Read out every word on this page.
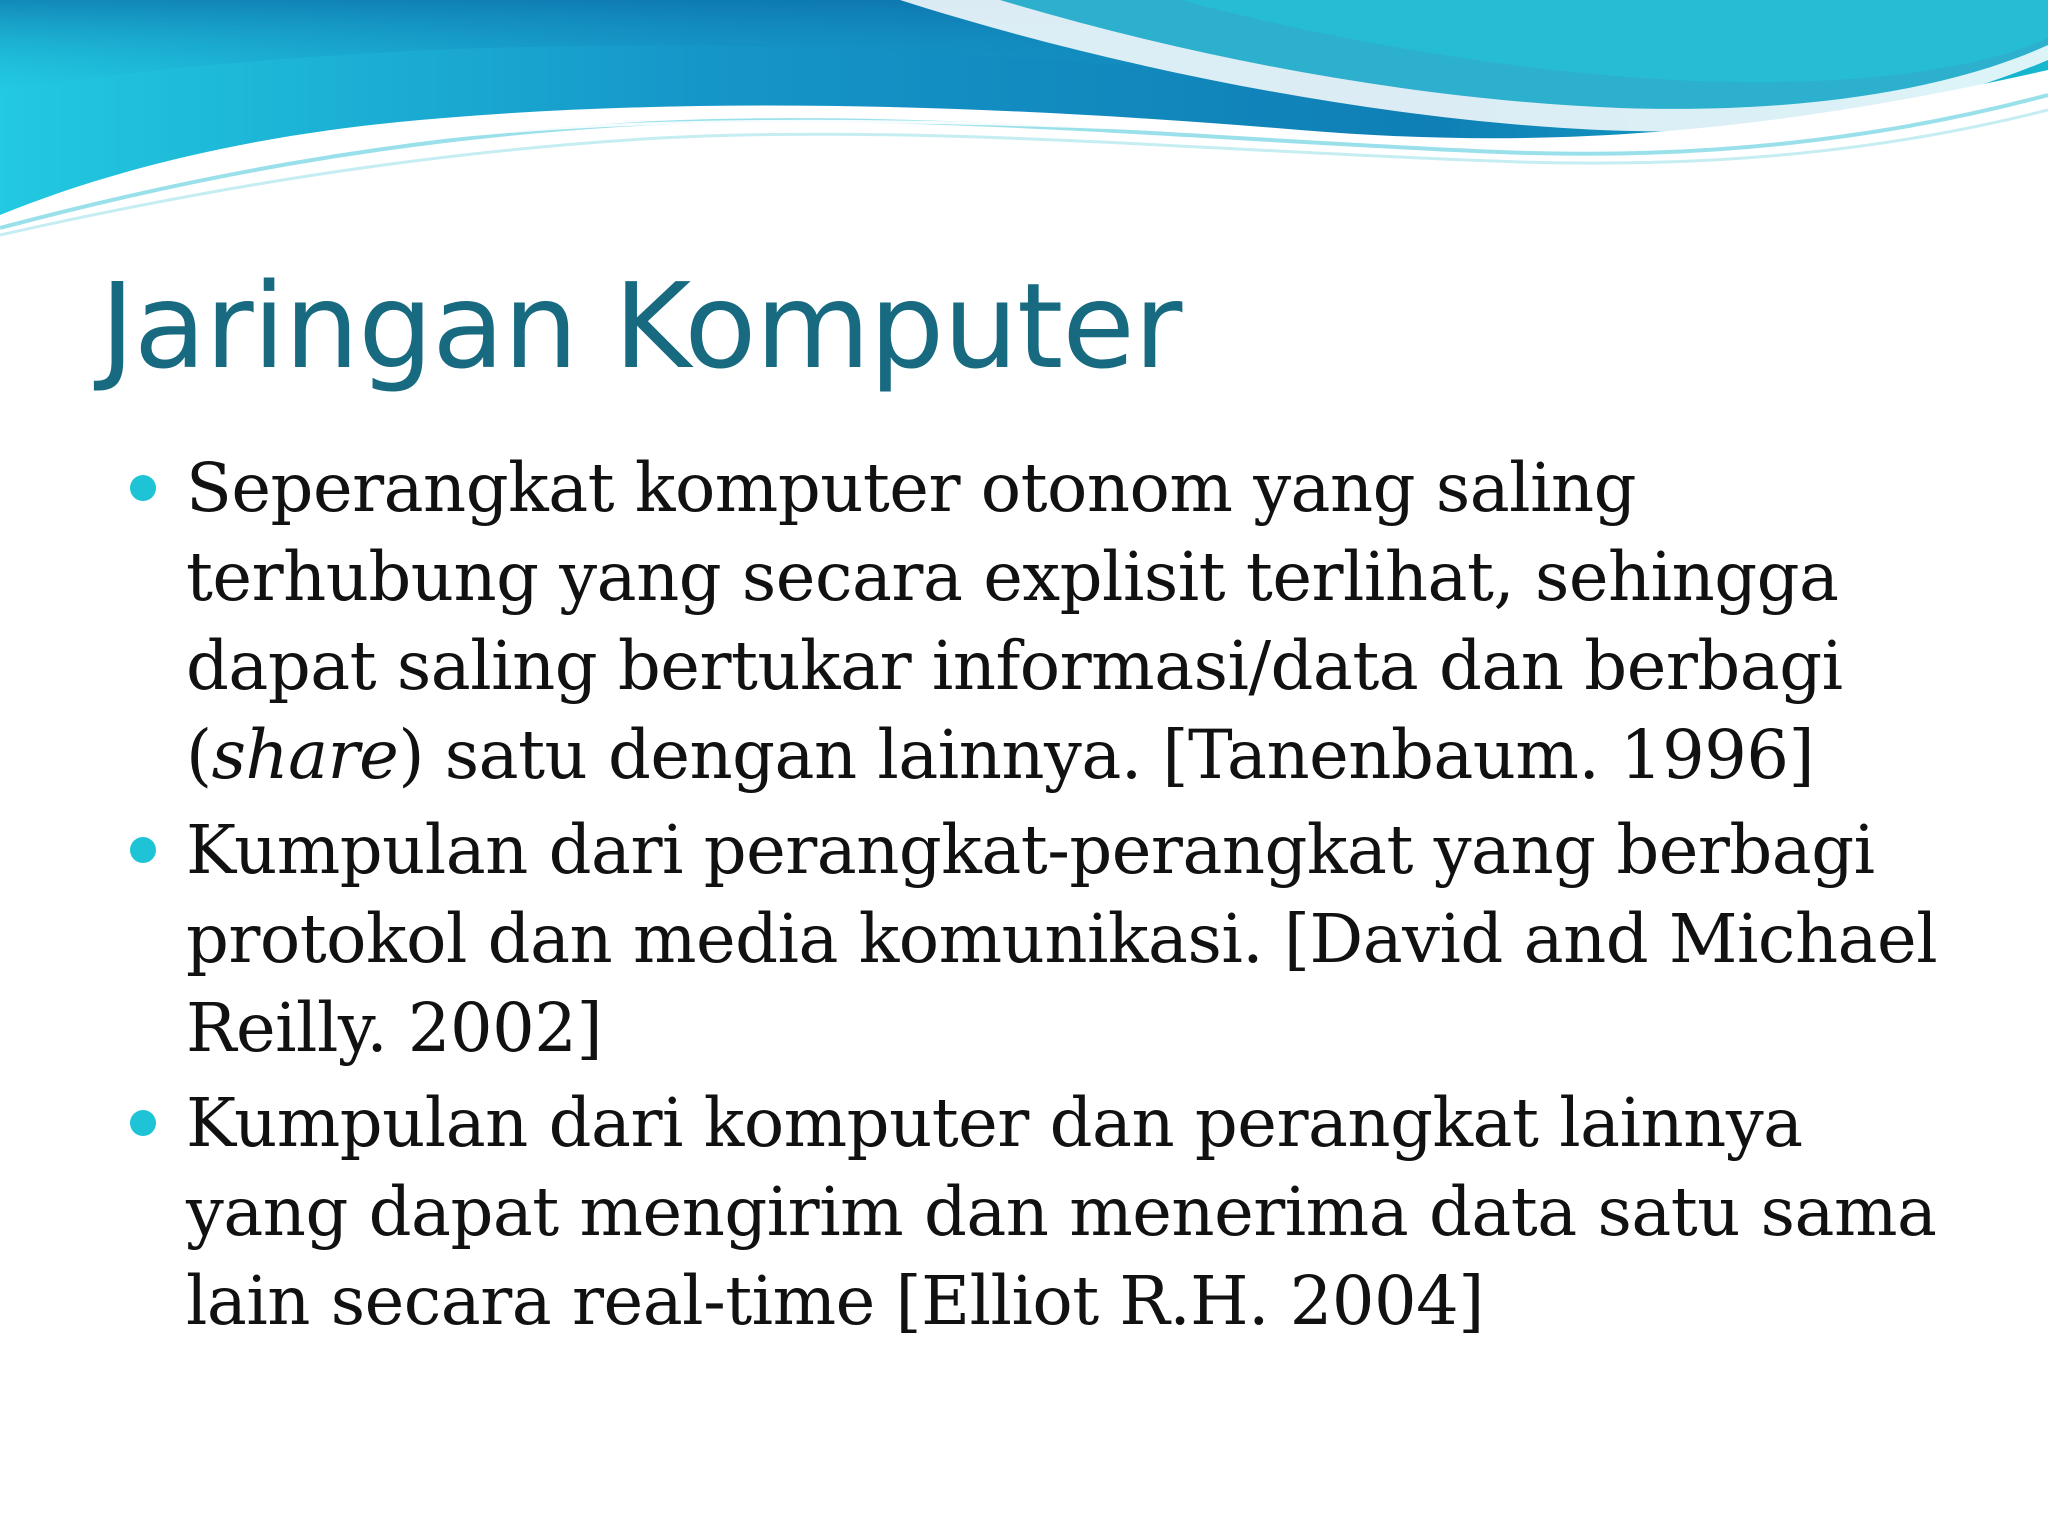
Jaringan Komputer
Seperangkat komputer otonom yang saling terhubung yang secara explisit terlihat, sehingga dapat saling bertukar informasi/data dan berbagi (share) satu dengan lainnya. [Tanenbaum. 1996]
Kumpulan dari perangkat-perangkat yang berbagi protokol dan media komunikasi. [David and Michael Reilly. 2002]
Kumpulan dari komputer dan perangkat lainnya yang dapat mengirim dan menerima data satu sama lain secara real-time [Elliot R.H. 2004]
